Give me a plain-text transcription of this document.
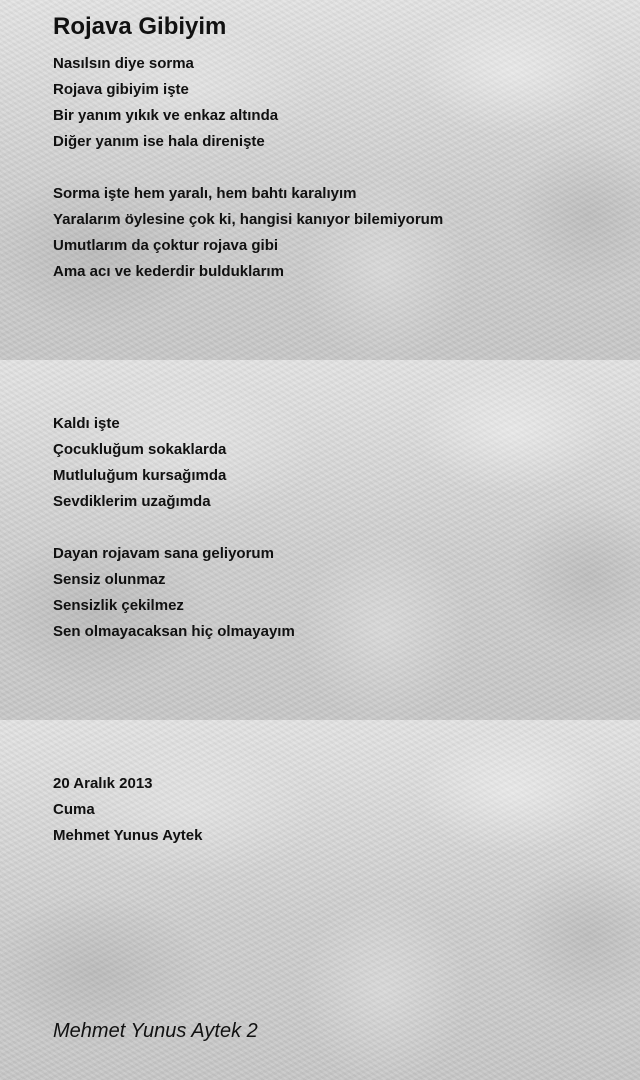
Rojava Gibiyim
Nasılsın diye sorma
Rojava gibiyim işte
Bir yanım yıkık ve enkaz altında
Diğer yanım ise hala direnişte
Sorma işte hem yaralı, hem bahtı karalıyım
Yaralarım öylesine çok ki, hangisi kanıyor bilemiyorum
Umutlarım da çoktur rojava gibi
Ama acı ve kederdir bulduklarım
Kaldı işte
Çocukluğum sokaklarda
Mutluluğum kursağımda
Sevdiklerim uzağımda
Dayan rojavam sana geliyorum
Sensiz olunmaz
Sensizlik çekilmez
Sen olmayacaksan hiç olmayayım
20 Aralık 2013
Cuma
Mehmet Yunus Aytek
Mehmet Yunus Aytek 2
